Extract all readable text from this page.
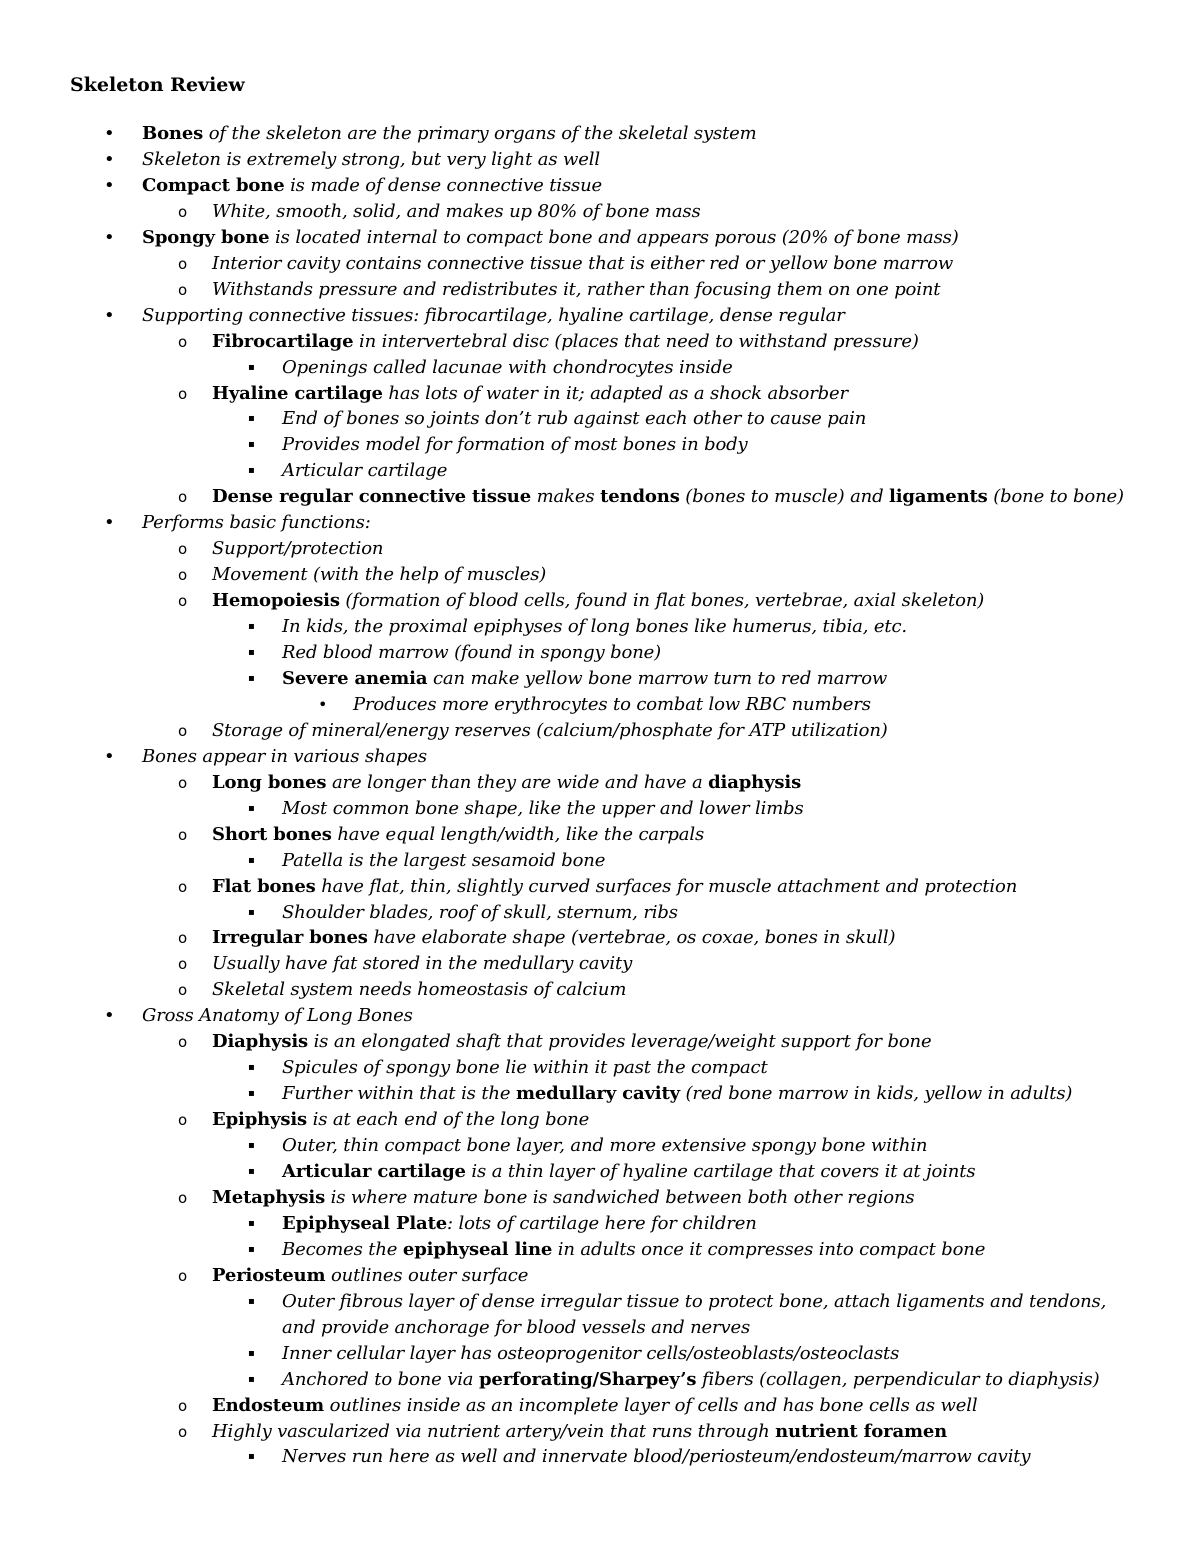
Skeleton Review
• Bones of the skeleton are the primary organs of the skeletal system
• Skeleton is extremely strong, but very light as well
• Compact bone is made of dense connective tissue
o White, smooth, solid, and makes up 80% of bone mass
• Spongy bone is located internal to compact bone and appears porous (20% of bone mass)
o Interior cavity contains connective tissue that is either red or yellow bone marrow
o Withstands pressure and redistributes it, rather than focusing them on one point
• Supporting connective tissues: fibrocartilage, hyaline cartilage, dense regular
o Fibrocartilage in intervertebral disc (places that need to withstand pressure)
▪ Openings called lacunae with chondrocytes inside
o Hyaline cartilage has lots of water in it; adapted as a shock absorber
▪ End of bones so joints don’t rub against each other to cause pain
▪ Provides model for formation of most bones in body
▪ Articular cartilage
o Dense regular connective tissue makes tendons (bones to muscle) and ligaments (bone to bone)
• Performs basic functions:
o Support/protection
o Movement (with the help of muscles)
o Hemopoiesis (formation of blood cells, found in flat bones, vertebrae, axial skeleton)
▪ In kids, the proximal epiphyses of long bones like humerus, tibia, etc.
▪ Red blood marrow (found in spongy bone)
▪ Severe anemia can make yellow bone marrow turn to red marrow
• Produces more erythrocytes to combat low RBC numbers
o Storage of mineral/energy reserves (calcium/phosphate for ATP utilization)
• Bones appear in various shapes
o Long bones are longer than they are wide and have a diaphysis
▪ Most common bone shape, like the upper and lower limbs
o Short bones have equal length/width, like the carpals
▪ Patella is the largest sesamoid bone
o Flat bones have flat, thin, slightly curved surfaces for muscle attachment and protection
▪ Shoulder blades, roof of skull, sternum, ribs
o Irregular bones have elaborate shape (vertebrae, os coxae, bones in skull)
o Usually have fat stored in the medullary cavity
o Skeletal system needs homeostasis of calcium
• Gross Anatomy of Long Bones
o Diaphysis is an elongated shaft that provides leverage/weight support for bone
▪ Spicules of spongy bone lie within it past the compact
▪ Further within that is the medullary cavity (red bone marrow in kids, yellow in adults)
o Epiphysis is at each end of the long bone
▪ Outer, thin compact bone layer, and more extensive spongy bone within
▪ Articular cartilage is a thin layer of hyaline cartilage that covers it at joints
o Metaphysis is where mature bone is sandwiched between both other regions
▪ Epiphyseal Plate: lots of cartilage here for children
▪ Becomes the epiphyseal line in adults once it compresses into compact bone
o Periosteum outlines outer surface
▪ Outer fibrous layer of dense irregular tissue to protect bone, attach ligaments and tendons,
and provide anchorage for blood vessels and nerves
▪ Inner cellular layer has osteoprogenitor cells/osteoblasts/osteoclasts
▪ Anchored to bone via perforating/Sharpey’s fibers (collagen, perpendicular to diaphysis)
o Endosteum outlines inside as an incomplete layer of cells and has bone cells as well
o Highly vascularized via nutrient artery/vein that runs through nutrient foramen
▪ Nerves run here as well and innervate blood/periosteum/endosteum/marrow cavity
